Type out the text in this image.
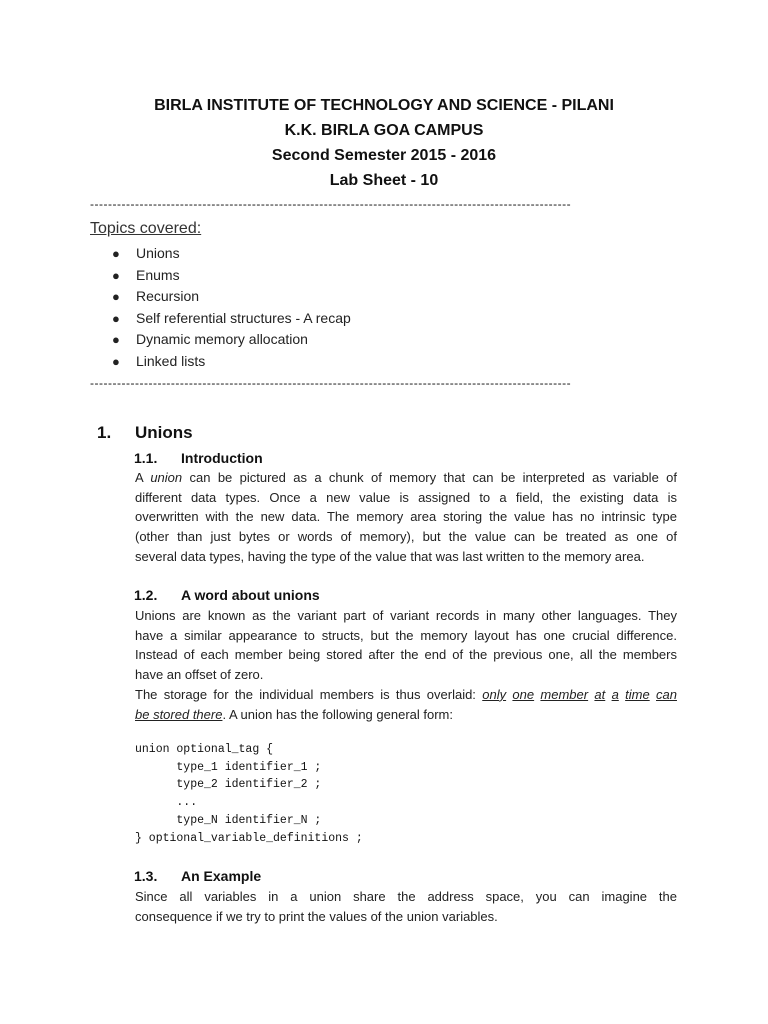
BIRLA INSTITUTE OF TECHNOLOGY AND SCIENCE - PILANI
K.K. BIRLA GOA CAMPUS
Second Semester 2015 - 2016
Lab Sheet - 10
-----------------------------------------------------------------------------------------------------------
Topics covered:
● Unions
● Enums
● Recursion
● Self referential structures - A recap
● Dynamic memory allocation
● Linked lists
-----------------------------------------------------------------------------------------------------------
1. Unions
1.1. Introduction
A union can be pictured as a chunk of memory that can be interpreted as variable of
different data types. Once a new value is assigned to a field, the existing data is
overwritten with the new data. The memory area storing the value has no intrinsic type
(other than just bytes or words of memory), but the value can be treated as one of
several data types, having the type of the value that was last written to the memory area.
1.2. A word about unions
Unions are known as the variant part of variant records in many other languages. They
have a similar appearance to structs, but the memory layout has one crucial difference.
Instead of each member being stored after the end of the previous one, all the members
have an offset of zero.
The storage for the individual members is thus overlaid: only one member at a time can
be stored there. A union has the following general form:
union optional_tag {
type_1 identifier_1 ;
type_2 identifier_2 ;
...
type_N identifier_N ;
} optional_variable_definitions ;
1.3. An Example
Since all variables in a union share the address space, you can imagine the
consequence if we try to print the values of the union variables.
